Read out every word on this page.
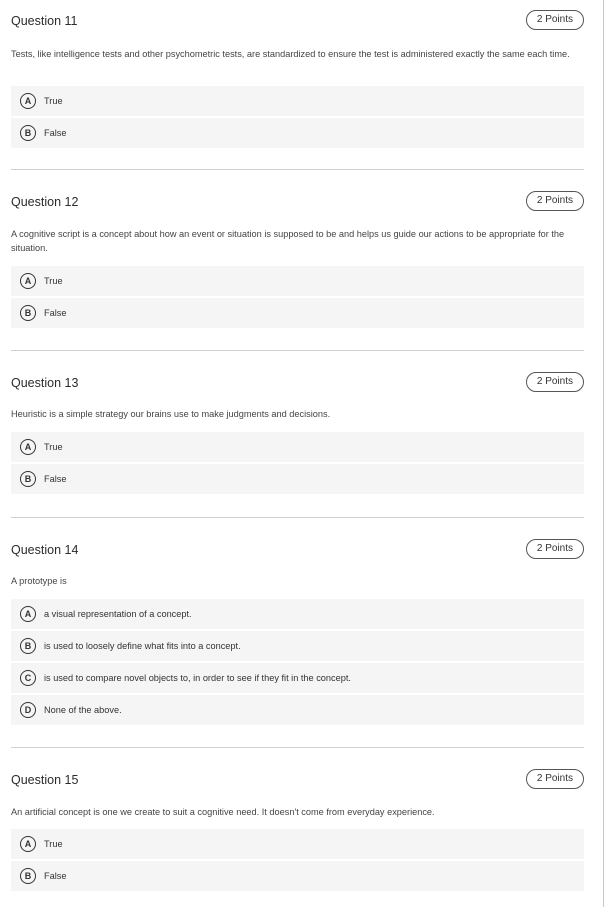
Question 11	2 Points
Tests, like intelligence tests and other psychometric tests, are standardized to ensure the test is administered exactly the same each time.
A	True
B	False
Question 12	2 Points
A cognitive script is a concept about how an event or situation is supposed to be and helps us guide our actions to be appropriate for the situation.
A	True
B	False
Question 13	2 Points
Heuristic is a simple strategy our brains use to make judgments and decisions.
A	True
B	False
Question 14	2 Points
A prototype is
A	a visual representation of a concept.
B	is used to loosely define what fits into a concept.
C	is used to compare novel objects to, in order to see if they fit in the concept.
D	None of the above.
Question 15	2 Points
An artificial concept is one we create to suit a cognitive need. It doesn't come from everyday experience.
A	True
B	False
